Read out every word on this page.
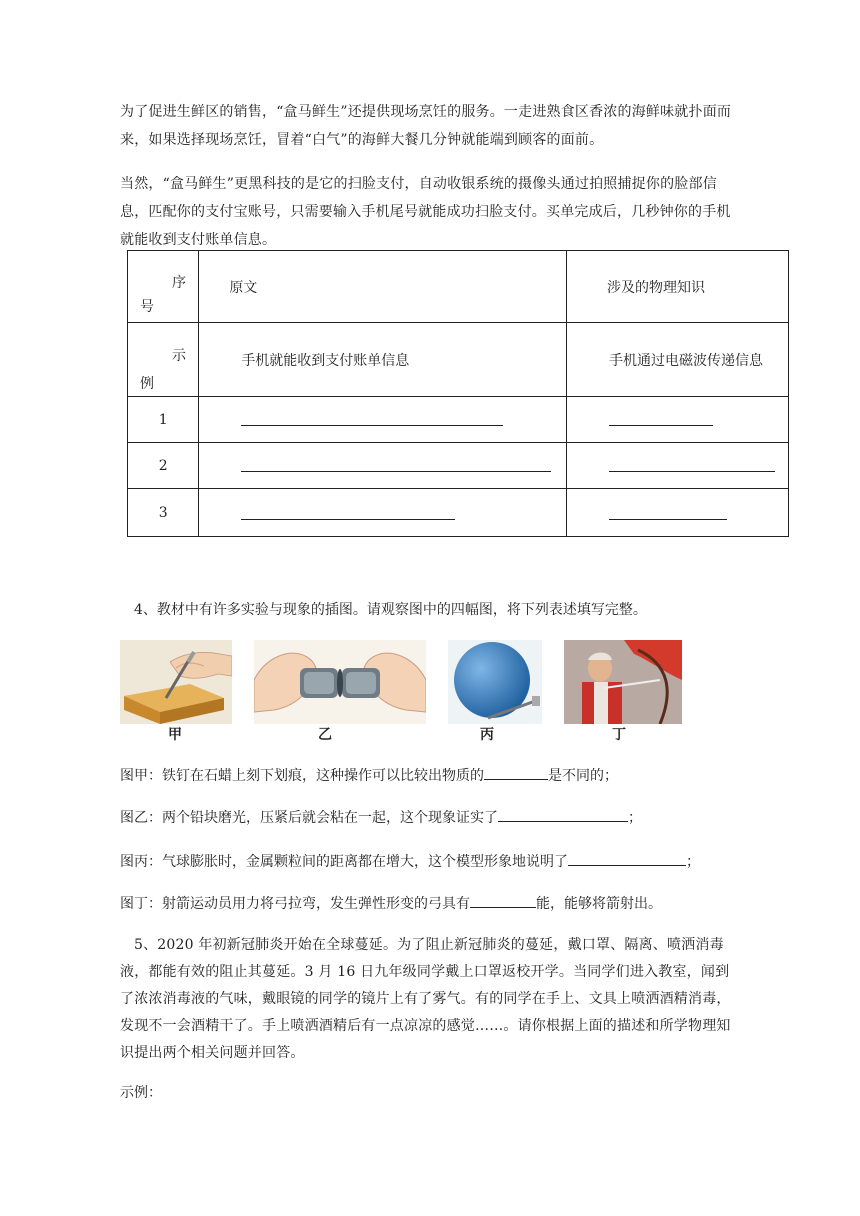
为了促进生鲜区的销售，“盒马鲜生”还提供现场烹饪的服务。一走进熟食区香浓的海鲜味就扑面而来，如果选择现场烹饪，冒着“白气”的海鲜大餐几分钟就能端到顾客的面前。
当然，“盒马鲜生”更黑科技的是它的扫脸支付，自动收银系统的摄像头通过拍照捕捉你的脸部信息，匹配你的支付宝账号，只需要输入手机尾号就能成功扫脸支付。买单完成后，几秒钟你的手机就能收到支付账单信息。
序
号	原文	涉及的物理知识

示
例	手机就能收到支付账单信息	手机通过电磁波传递信息
1	

2	

3	

4、教材中有许多实验与现象的插图。请观察图中的四幅图，将下列表述填写完整。
甲	乙	丙	丁
图甲：铁钉在石蜡上刻下划痕，这种操作可以比较出物质的	是不同的；
图乙：两个铅块磨光，压紧后就会粘在一起，这个现象证实了	；
图丙：气球膨胀时，金属颗粒间的距离都在增大，这个模型形象地说明了	；
图丁：射箭运动员用力将弓拉弯，发生弹性形变的弓具有	能，能够将箭射出。
5、2020 年初新冠肺炎开始在全球蔓延。为了阻止新冠肺炎的蔓延，戴口罩、隔离、喷洒消毒液，都能有效的阻止其蔓延。3 月 16 日九年级同学戴上口罩返校开学。当同学们进入教室，闻到了浓浓消毒液的气味，戴眼镜的同学的镜片上有了雾气。有的同学在手上、文具上喷洒酒精消毒，发现不一会酒精干了。手上喷洒酒精后有一点凉凉的感觉……。请你根据上面的描述和所学物理知识提出两个相关问题并回答。
示例：
